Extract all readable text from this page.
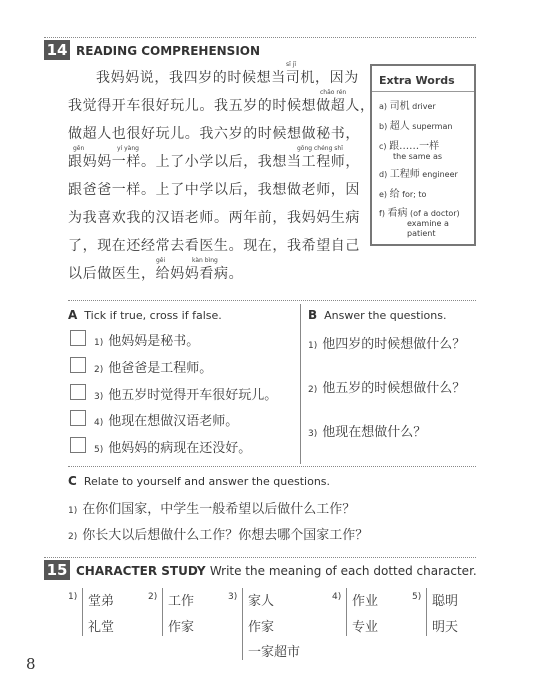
14 READING COMPREHENSION
我妈妈说，我四岁的时候想当司机，因为
我觉得开车很好玩儿。我五岁的时候想做超人，
做超人也很好玩儿。我六岁的时候想做秘书，
跟妈妈一样。上了小学以后，我想当工程师，
跟爸爸一样。上了中学以后，我想做老师，因
为我喜欢我的汉语老师。两年前，我妈妈生病
了，现在还经常去看医生。现在，我希望自己
以后做医生，给妈妈看病。
sī jī
chāo rén
gēn	yí yàng	gōng chéng shī
gěi	kàn bìng
Extra Words
a) 司机 driver
b) 超人 superman
c) 跟……一样
the same as
d) 工程师 engineer
e) 给 for; to
f) 看病 (of a doctor)
examine a
patient
A Tick if true, cross if false.
1) 他妈妈是秘书。
2) 他爸爸是工程师。
3) 他五岁时觉得开车很好玩儿。
4) 他现在想做汉语老师。
5) 他妈妈的病现在还没好。
B Answer the questions.
1) 他四岁的时候想做什么？
2) 他五岁的时候想做什么？
3) 他现在想做什么？
C Relate to yourself and answer the questions.
1) 在你们国家，中学生一般希望以后做什么工作？
2) 你长大以后想做什么工作？你想去哪个国家工作？
15 CHARACTER STUDY Write the meaning of each dotted character.
1) 堂弟
礼堂
2) 工作
作家
3) 家人
作家
一家超市
4) 作业
专业
5) 聪明
明天
8
